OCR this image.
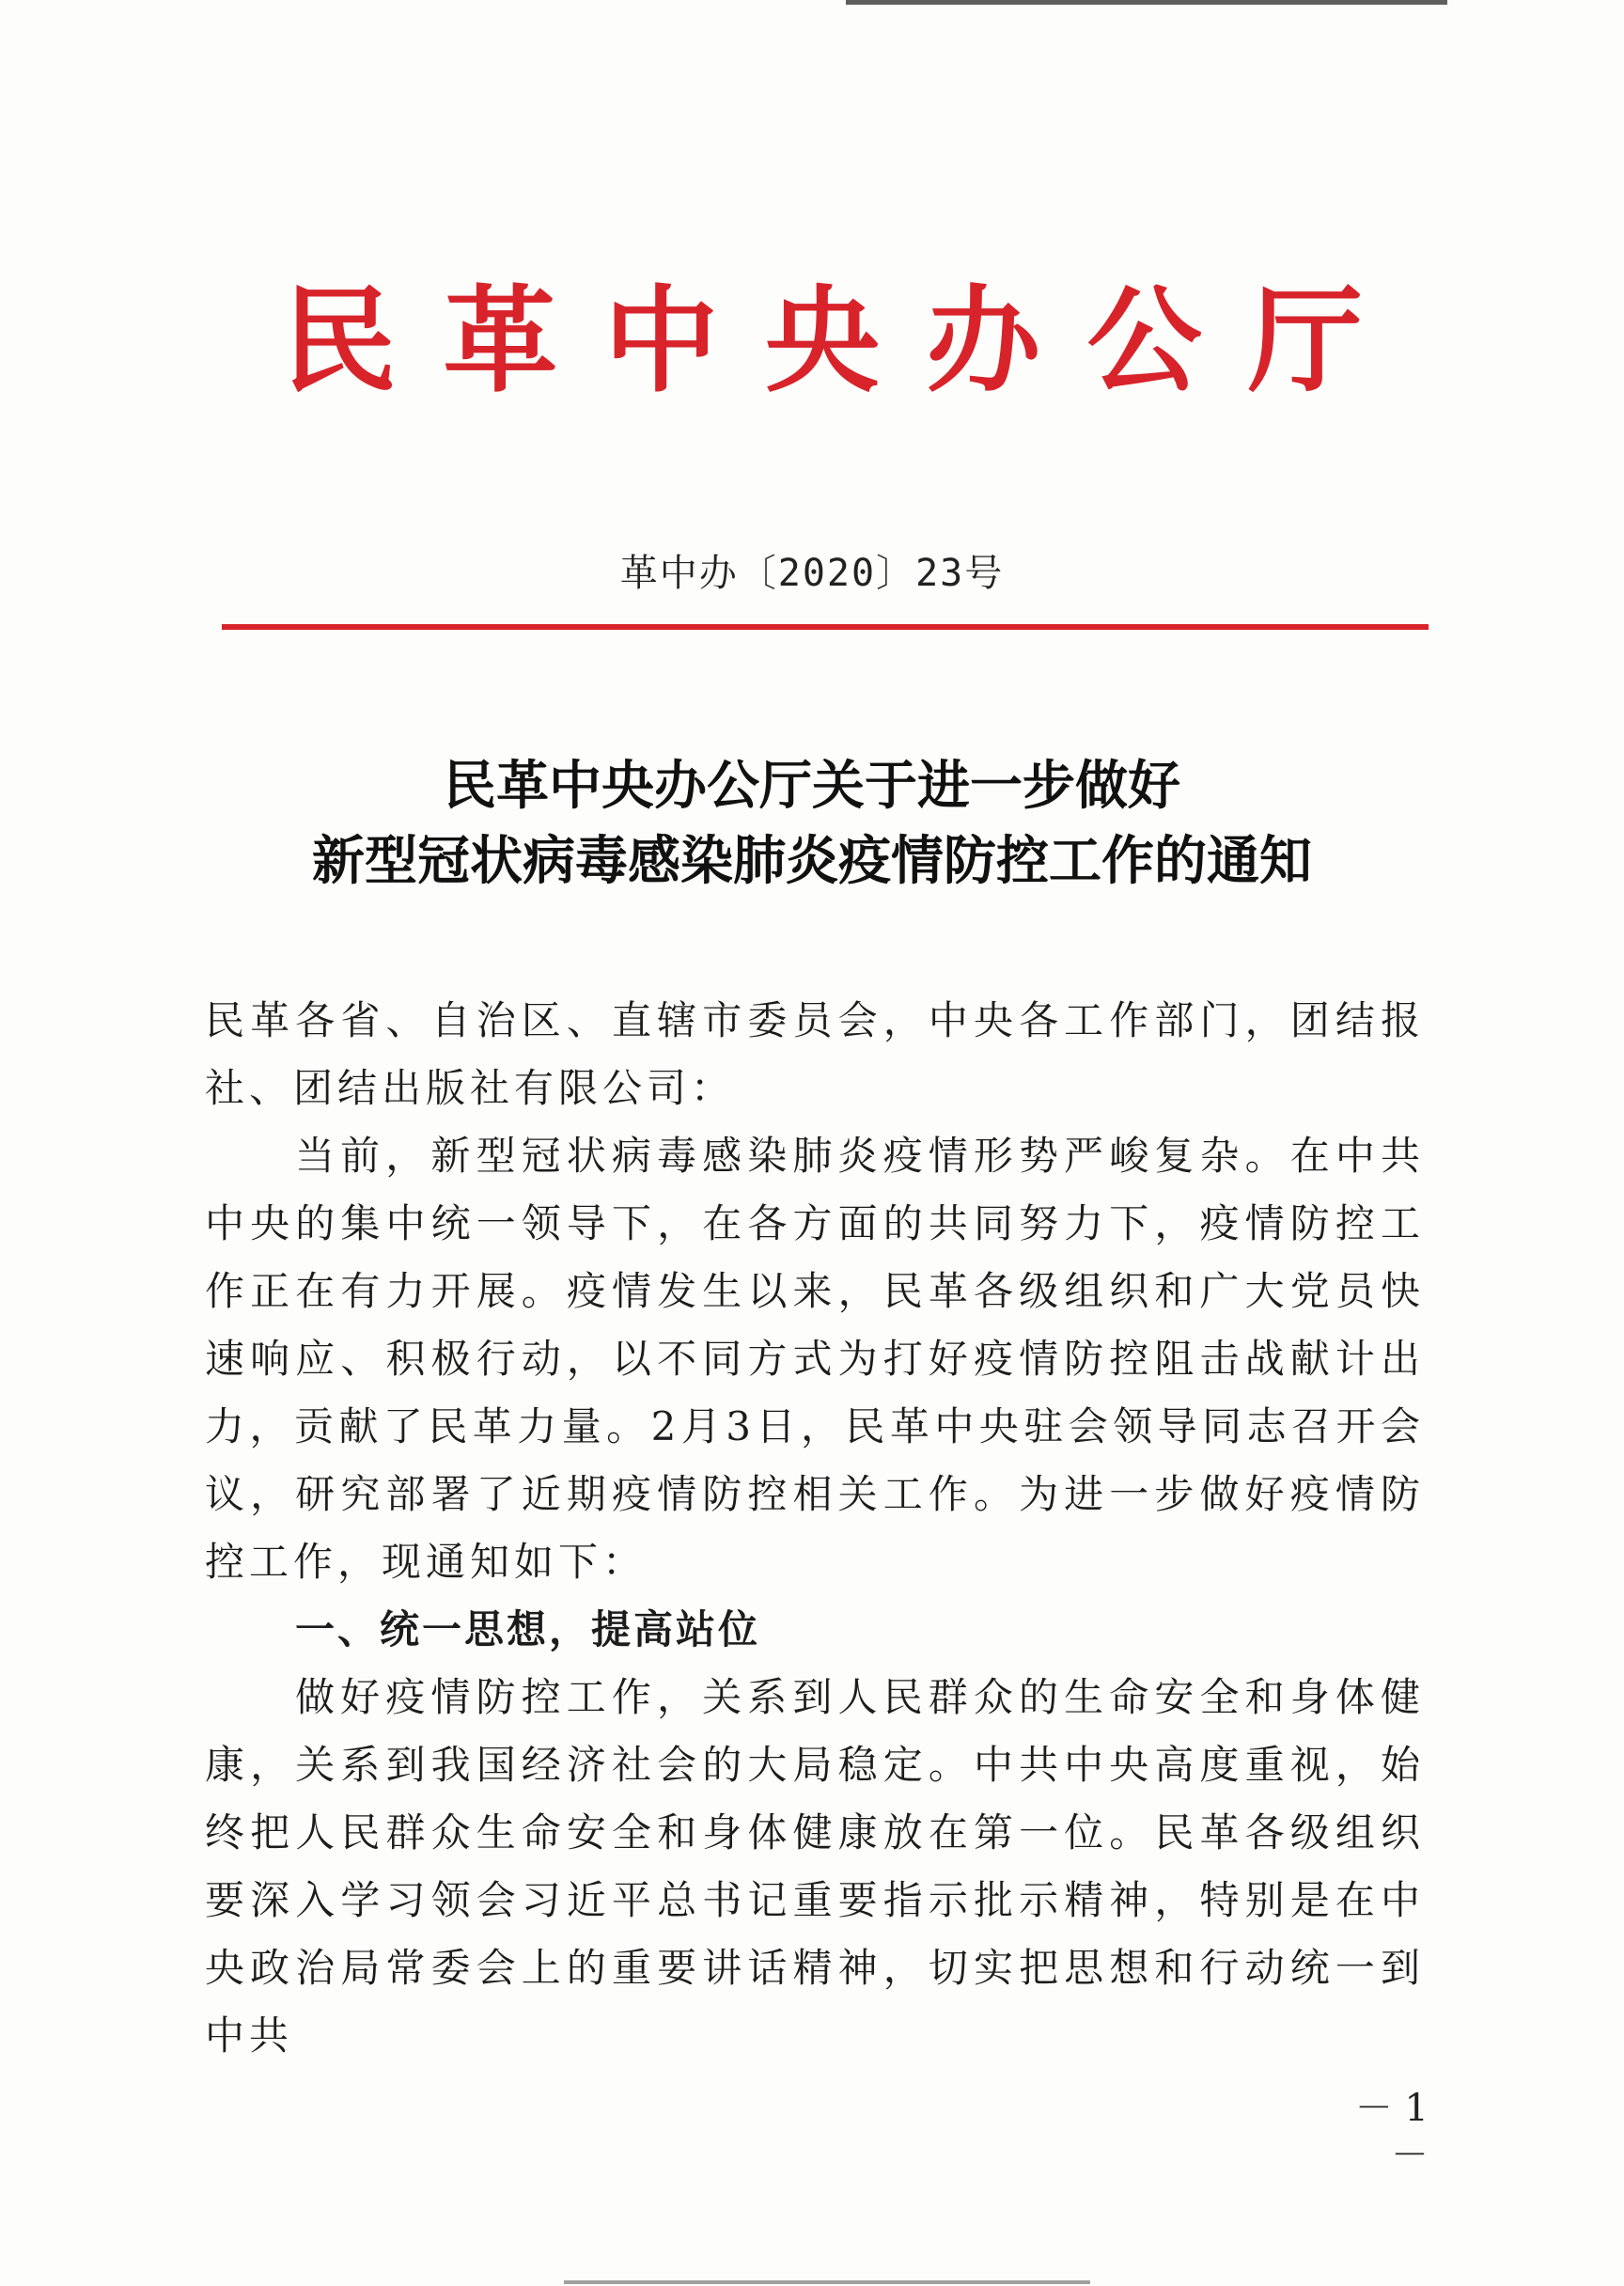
民 革 中 央 办 公 厅
革中办〔2020〕23号
民革中央办公厅关于进一步做好
新型冠状病毒感染肺炎疫情防控工作的通知

民革各省、自治区、直辖市委员会，中央各工作部门，团结报社、团结出版社有限公司：

当前，新型冠状病毒感染肺炎疫情形势严峻复杂。在中共中央的集中统一领导下，在各方面的共同努力下，疫情防控工作正在有力开展。疫情发生以来，民革各级组织和广大党员快速响应、积极行动，以不同方式为打好疫情防控阻击战献计出力，贡献了民革力量。2月3日，民革中央驻会领导同志召开会议，研究部署了近期疫情防控相关工作。为进一步做好疫情防控工作，现通知如下：

一、统一思想，提高站位

做好疫情防控工作，关系到人民群众的生命安全和身体健康，关系到我国经济社会的大局稳定。中共中央高度重视，始终把人民群众生命安全和身体健康放在第一位。民革各级组织要深入学习领会习近平总书记重要指示批示精神，特别是在中央政治局常委会上的重要讲话精神，切实把思想和行动统一到中共

－ 1 －
